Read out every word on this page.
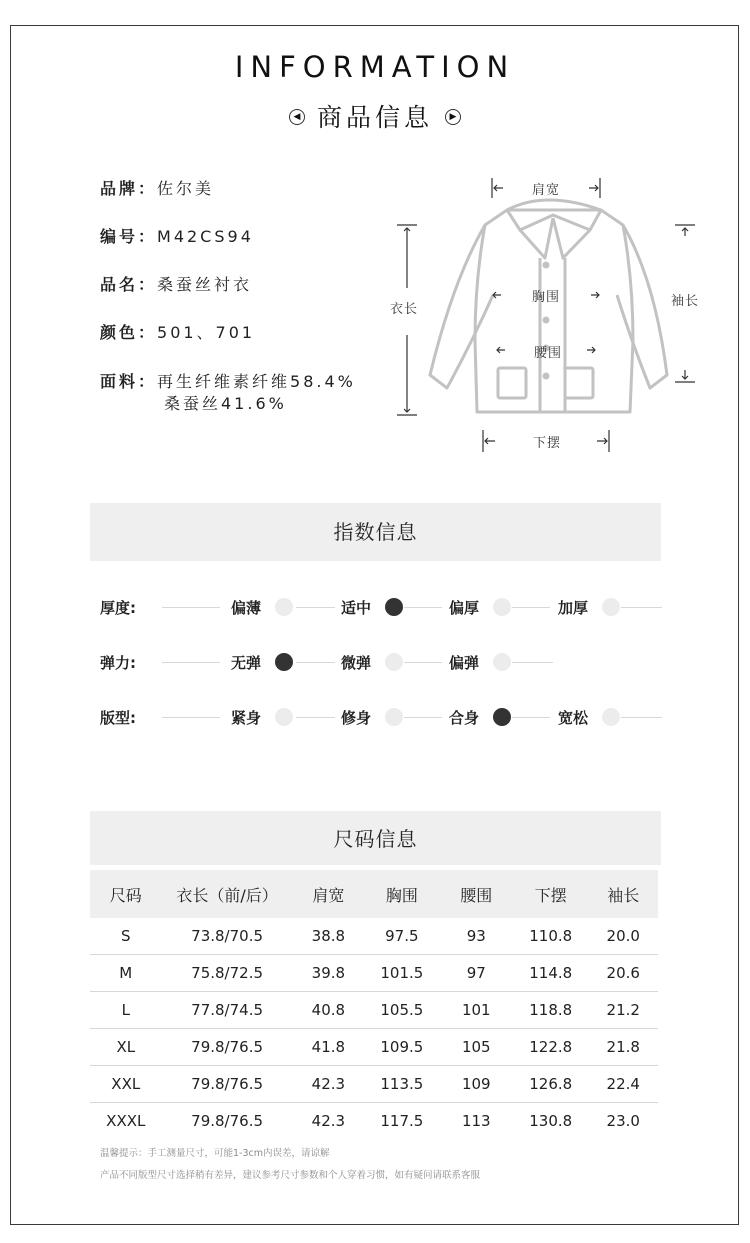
INFORMATION
◀ 商品信息 ▶
品牌：佐尔美
编号：M42CS94
品名：桑蚕丝衬衣
颜色：501、701
面料：再生纤维素纤维58.4%
桑蚕丝41.6%
肩宽
衣长
胸围
腰围
袖长
下摆
指数信息
厚度:	偏薄	适中	偏厚	加厚
弹力:	无弹	微弹	偏弹
版型:	紧身	修身	合身	宽松
尺码信息
尺码	衣长（前/后）	肩宽	胸围	腰围	下摆	袖长
S	73.8/70.5	38.8	97.5	93	110.8	20.0
M	75.8/72.5	39.8	101.5	97	114.8	20.6
L	77.8/74.5	40.8	105.5	101	118.8	21.2
XL	79.8/76.5	41.8	109.5	105	122.8	21.8
XXL	79.8/76.5	42.3	113.5	109	126.8	22.4
XXXL	79.8/76.5	42.3	117.5	113	130.8	23.0
温馨提示：手工测量尺寸，可能1-3cm内误差，请谅解
产品不同版型尺寸选择稍有差异，建议参考尺寸参数和个人穿着习惯，如有疑问请联系客服
